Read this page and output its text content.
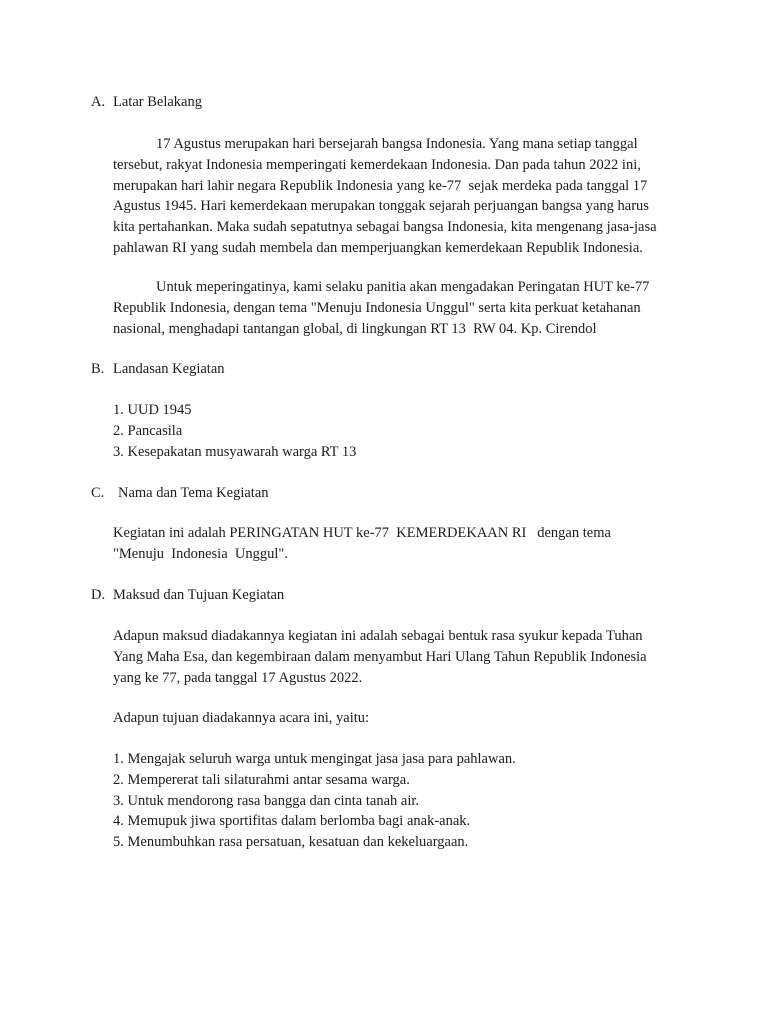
A. Latar Belakang
17 Agustus merupakan hari bersejarah bangsa Indonesia. Yang mana setiap tanggal
tersebut, rakyat Indonesia memperingati kemerdekaan Indonesia. Dan pada tahun 2022 ini,
merupakan hari lahir negara Republik Indonesia yang ke-77  sejak merdeka pada tanggal 17
Agustus 1945. Hari kemerdekaan merupakan tonggak sejarah perjuangan bangsa yang harus
kita pertahankan. Maka sudah sepatutnya sebagai bangsa Indonesia, kita mengenang jasa-jasa
pahlawan RI yang sudah membela dan memperjuangkan kemerdekaan Republik Indonesia.
Untuk meperingatinya, kami selaku panitia akan mengadakan Peringatan HUT ke-77
Republik Indonesia, dengan tema "Menuju Indonesia Unggul" serta kita perkuat ketahanan
nasional, menghadapi tantangan global, di lingkungan RT 13  RW 04. Kp. Cirendol
B. Landasan Kegiatan
1. UUD 1945
2. Pancasila
3. Kesepakatan musyawarah warga RT 13
C. Nama dan Tema Kegiatan
Kegiatan ini adalah PERINGATAN HUT ke-77  KEMERDEKAAN RI   dengan tema
"Menuju  Indonesia  Unggul".
D. Maksud dan Tujuan Kegiatan
Adapun maksud diadakannya kegiatan ini adalah sebagai bentuk rasa syukur kepada Tuhan
Yang Maha Esa, dan kegembiraan dalam menyambut Hari Ulang Tahun Republik Indonesia
yang ke 77, pada tanggal 17 Agustus 2022.
Adapun tujuan diadakannya acara ini, yaitu:
1. Mengajak seluruh warga untuk mengingat jasa jasa para pahlawan.
2. Mempererat tali silaturahmi antar sesama warga.
3. Untuk mendorong rasa bangga dan cinta tanah air.
4. Memupuk jiwa sportifitas dalam berlomba bagi anak-anak.
5. Menumbuhkan rasa persatuan, kesatuan dan kekeluargaan.
